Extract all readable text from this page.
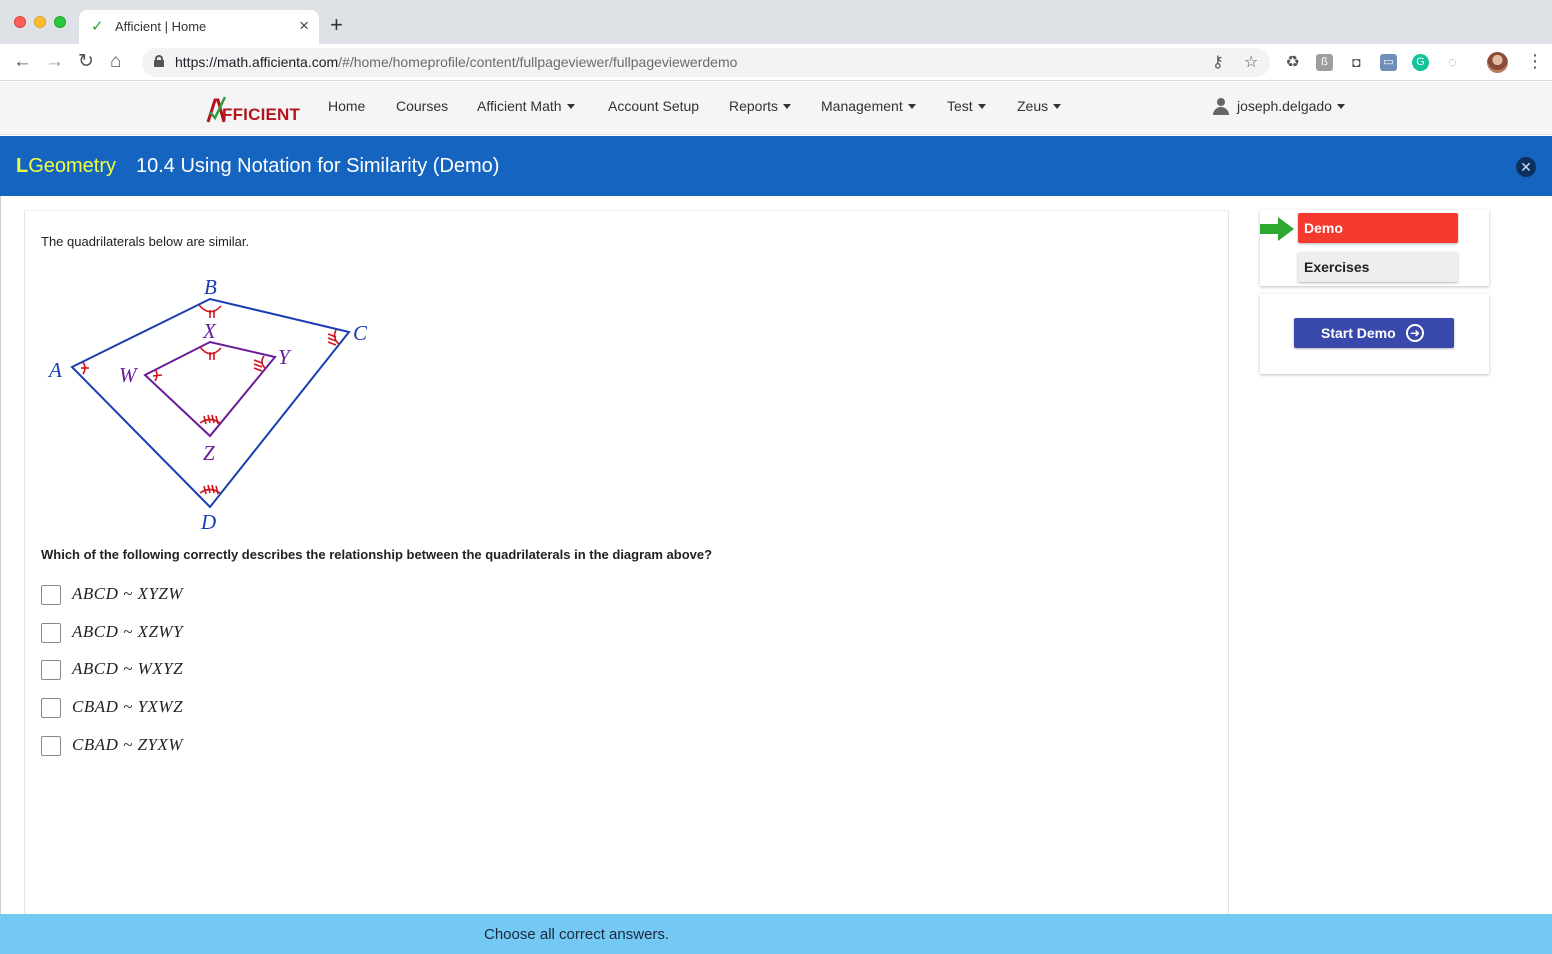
✓ Afficient | Home	× +
← → ↻ ⌂	https://math.afficienta.com/#/home/homeprofile/content/fullpageviewer/fullpageviewerdemo	⚷ ☆ ♻	ß	◘	▭	G ◌	⋮
FFICIENT Home Courses Afficient Math	Account Setup Reports	Management	Test	Zeus	joseph.delgado
LGeometry 10.4 Using Notation for Similarity (Demo)	✕
The quadrilaterals below are similar.
A
B
C
D
W
X
Y
Z
Which of the following correctly describes the relationship between the quadrilaterals in the diagram above?
ABCD ~ XYZW
ABCD ~ XZWY
ABCD ~ WXYZ
CBAD ~ YXWZ
CBAD ~ ZYXW
Demo
Exercises
Start Demo	➜
Choose all correct answers.
